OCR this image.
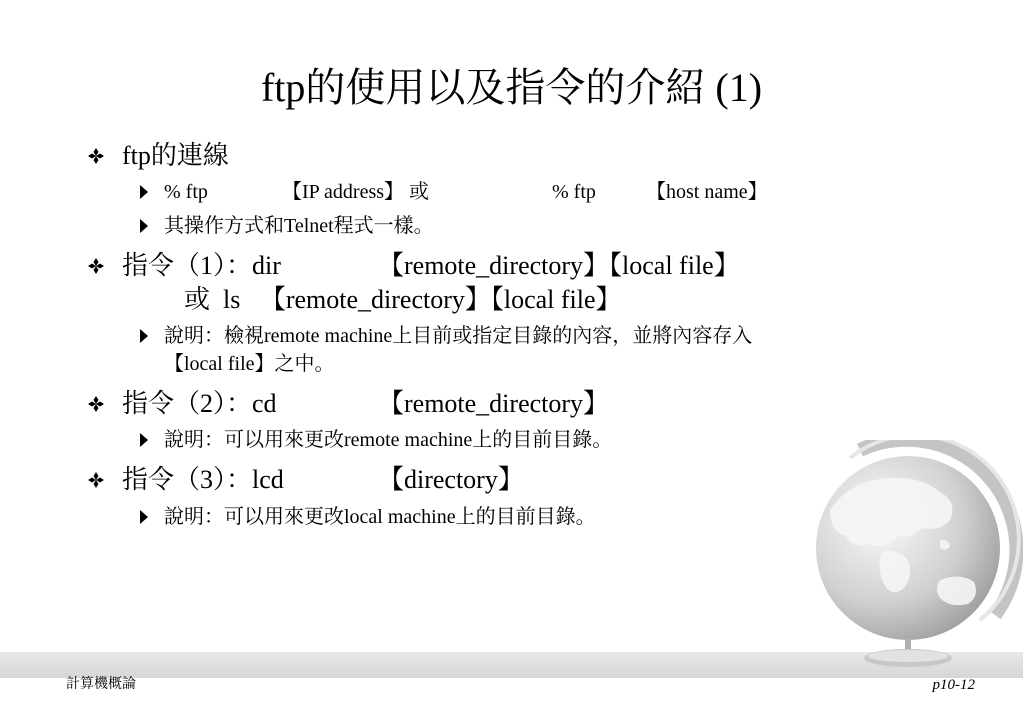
ftp的使用以及指令的介紹 (1)
ftp的連線
% ftp	【IP address】 或	% ftp	【host name】
其操作方式和Telnet程式一樣。
指令（1）：dir	【remote_directory】【local file】
或  ls   【remote_directory】【local file】
說明：檢視remote machine上目前或指定目錄的內容，並將內容存入
【local file】之中。
指令（2）：cd	【remote_directory】
說明：可以用來更改remote machine上的目前目錄。
指令（3）：lcd	【directory】
說明：可以用來更改local machine上的目前目錄。
計算機概論	p10-12
